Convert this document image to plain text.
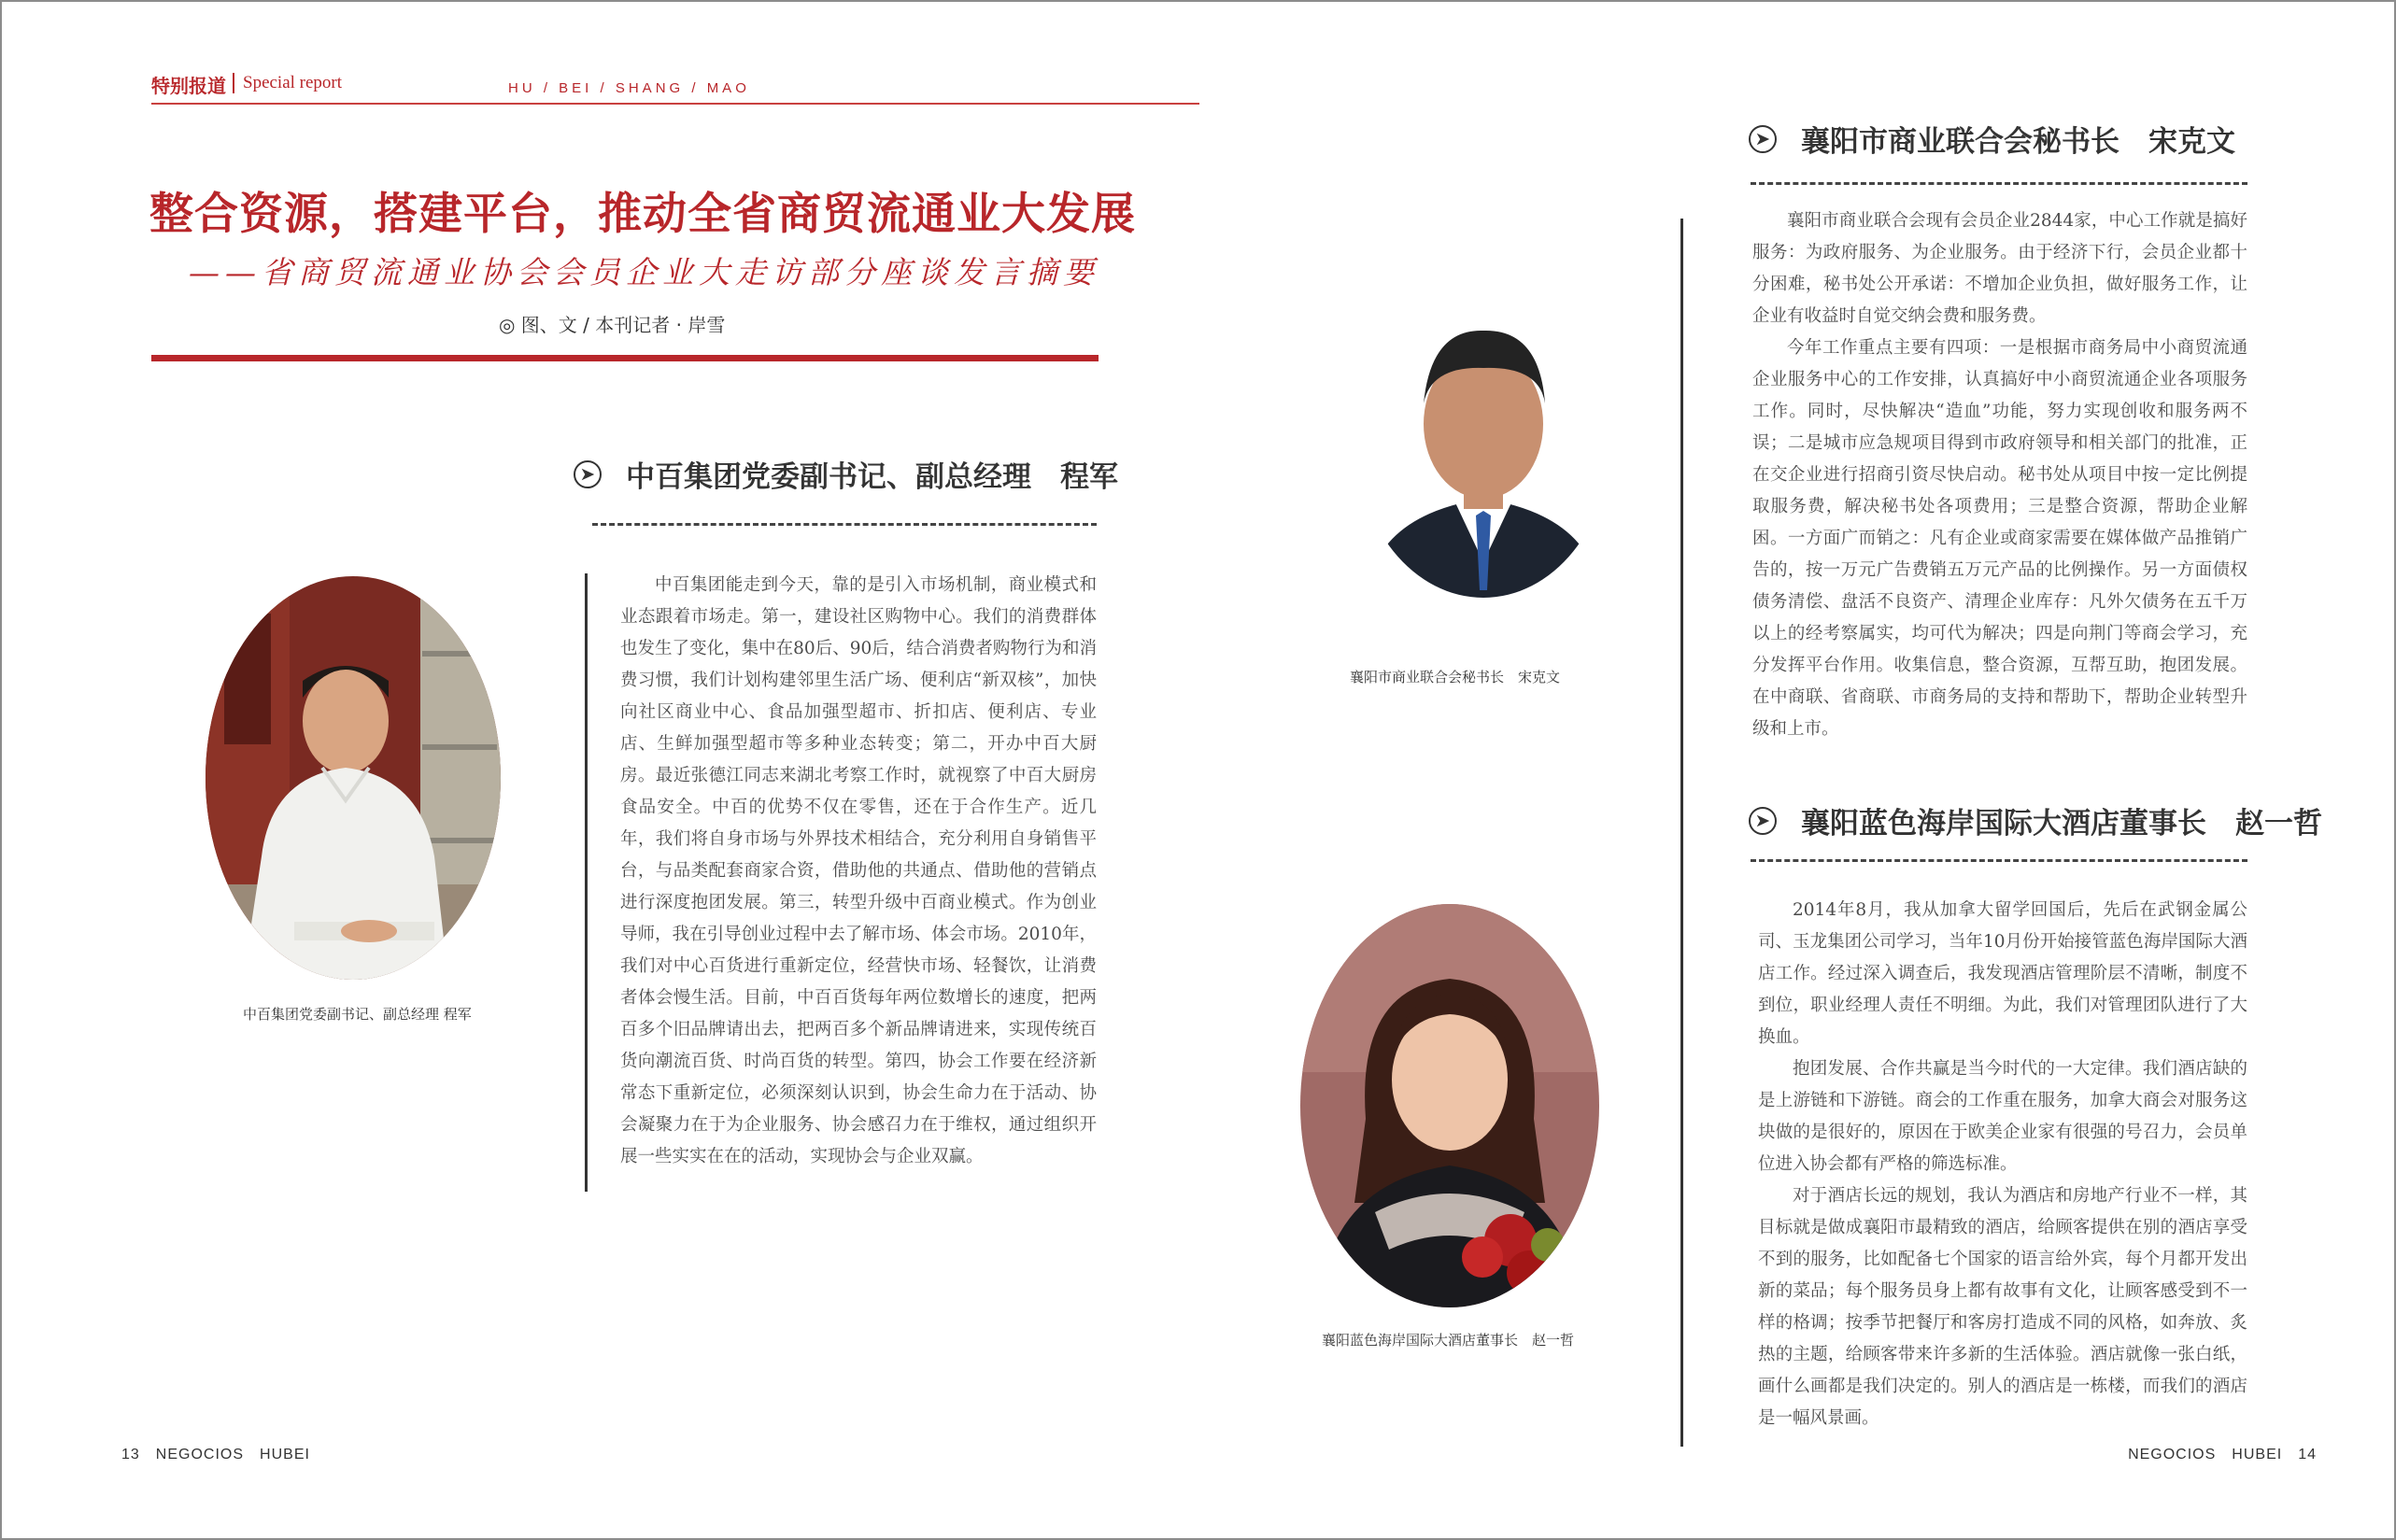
特别报道 Special report	HU / BEI / SHANG / MAO
整合资源，搭建平台，推动全省商贸流通业大发展
——省商贸流通业协会会员企业大走访部分座谈发言摘要
◎ 图、文 / 本刊记者 · 岸雪
中百集团党委副书记、副总经理　程军
中百集团党委副书记、副总经理 程军

中百集团能走到今天，靠的是引入市场机制，商业模式和业态跟着市场走。第一，建设社区购物中心。我们的消费群体也发生了变化，集中在80后、90后，结合消费者购物行为和消费习惯，我们计划构建邻里生活广场、便利店“新双核”，加快向社区商业中心、食品加强型超市、折扣店、便利店、专业店、生鲜加强型超市等多种业态转变；第二，开办中百大厨房。最近张德江同志来湖北考察工作时，就视察了中百大厨房食品安全。中百的优势不仅在零售，还在于合作生产。近几年，我们将自身市场与外界技术相结合，充分利用自身销售平台，与品类配套商家合资，借助他的共通点、借助他的营销点进行深度抱团发展。第三，转型升级中百商业模式。作为创业导师，我在引导创业过程中去了解市场、体会市场。2010年，我们对中心百货进行重新定位，经营快市场、轻餐饮，让消费者体会慢生活。目前，中百百货每年两位数增长的速度，把两百多个旧品牌请出去，把两百多个新品牌请进来，实现传统百货向潮流百货、时尚百货的转型。第四，协会工作要在经济新常态下重新定位，必须深刻认识到，协会生命力在于活动、协会凝聚力在于为企业服务、协会感召力在于维权，通过组织开展一些实实在在的活动，实现协会与企业双赢。

襄阳市商业联合会秘书长　宋克文
襄阳蓝色海岸国际大酒店董事长　赵一哲
襄阳市商业联合会秘书长　宋克文

襄阳市商业联合会现有会员企业2844家，中心工作就是搞好服务：为政府服务、为企业服务。由于经济下行，会员企业都十分困难，秘书处公开承诺：不增加企业负担，做好服务工作，让企业有收益时自觉交纳会费和服务费。

今年工作重点主要有四项：一是根据市商务局中小商贸流通企业服务中心的工作安排，认真搞好中小商贸流通企业各项服务工作。同时，尽快解决“造血”功能，努力实现创收和服务两不误；二是城市应急规项目得到市政府领导和相关部门的批准，正在交企业进行招商引资尽快启动。秘书处从项目中按一定比例提取服务费，解决秘书处各项费用；三是整合资源，帮助企业解困。一方面广而销之：凡有企业或商家需要在媒体做产品推销广告的，按一万元广告费销五万元产品的比例操作。另一方面债权债务清偿、盘活不良资产、清理企业库存：凡外欠债务在五千万以上的经考察属实，均可代为解决；四是向荆门等商会学习，充分发挥平台作用。收集信息，整合资源，互帮互助，抱团发展。在中商联、省商联、市商务局的支持和帮助下，帮助企业转型升级和上市。

襄阳蓝色海岸国际大酒店董事长　赵一哲

2014年8月，我从加拿大留学回国后，先后在武钢金属公司、玉龙集团公司学习，当年10月份开始接管蓝色海岸国际大酒店工作。经过深入调查后，我发现酒店管理阶层不清晰，制度不到位，职业经理人责任不明细。为此，我们对管理团队进行了大换血。

抱团发展、合作共赢是当今时代的一大定律。我们酒店缺的是上游链和下游链。商会的工作重在服务，加拿大商会对服务这块做的是很好的，原因在于欧美企业家有很强的号召力，会员单位进入协会都有严格的筛选标准。

对于酒店长远的规划，我认为酒店和房地产行业不一样，其目标就是做成襄阳市最精致的酒店，给顾客提供在别的酒店享受不到的服务，比如配备七个国家的语言给外宾，每个月都开发出新的菜品；每个服务员身上都有故事有文化，让顾客感受到不一样的格调；按季节把餐厅和客房打造成不同的风格，如奔放、炙热的主题，给顾客带来许多新的生活体验。酒店就像一张白纸，画什么画都是我们决定的。别人的酒店是一栋楼，而我们的酒店是一幅风景画。

13　NEGOCIOS　HUBEI	NEGOCIOS　HUBEI　14
